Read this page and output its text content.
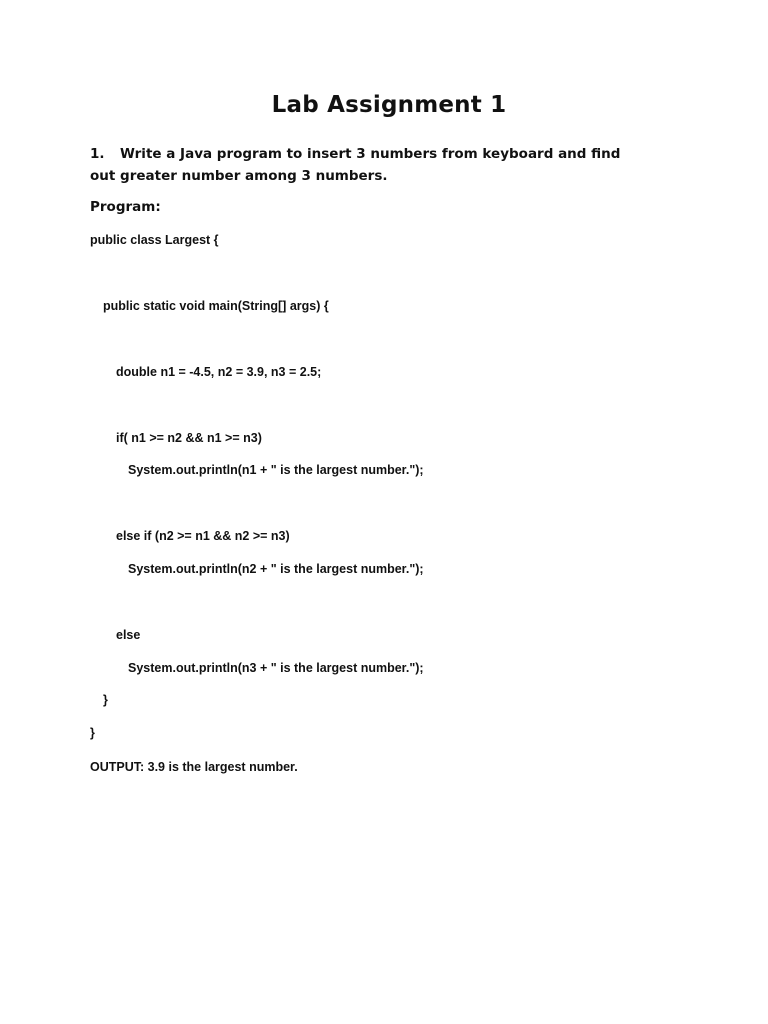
Lab Assignment 1
1. Write a Java program to insert 3 numbers from keyboard and find out greater number among 3 numbers.
Program:
public class Largest {
public static void main(String[] args) {
double n1 = -4.5, n2 = 3.9, n3 = 2.5;
if( n1 >= n2 && n1 >= n3)
System.out.println(n1 + " is the largest number.");
else if (n2 >= n1 && n2 >= n3)
System.out.println(n2 + " is the largest number.");
else
System.out.println(n3 + " is the largest number.");
}
}
OUTPUT: 3.9 is the largest number.
